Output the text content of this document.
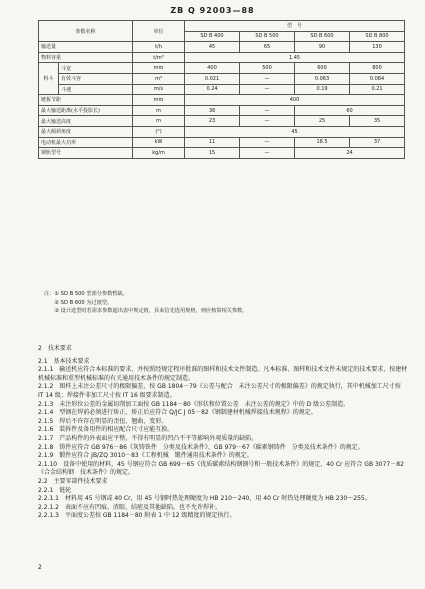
ZB Q 92003—88
参数名称		单位	型　号			
			SD B 400	SD B 500	SD B 600	SD B 800
输送量		t/h	45	65	90	130
物料容重		t/m³	1.45			
料斗	斗宽	mm	400	500	600	800
	有效斗容	m³	0.021	—	0.063	0.084
	斗速	m/s	0.24	—	0.19	0.21
链板节距		mm	400			
最大输送距离(水平投影长)		m	38	—	60	
最大输送高度		m	23	—	25	35
最大倾斜角度		(°)	45			
电动机最大功率		kW	11	—	18.5	37
钢轨型号		kg/m	15	—	24	

注：① SD B 500 型部分参数暂缺。

　　② SD B 600 为过渡型。

　　③ 设计选型时若需求参数超出表中规定值，县来信先选用规格，则应核算相关参数。

2　技术要求

2.1　基本技术要求

2.1.1　输送机应符合本标准的要求，并按照经规定程序批准的图样和技术文件制造。凡本标准、图样和技术文件未规定的技术要求，按建材机械标准和重型机械标准的有关通用技术条件的规定制造。

2.1.2　图样上未注公差尺寸的极限偏差，按 GB 1804－79《公差与配合　未注公差尺寸的极限偏差》的规定执行，其中机械加工尺寸按 IT 14 级；焊接件非加工尺寸按 IT 16 级要求制造。

2.1.3　未注形位公差的金属切削加工面按 GB 1184－80《形状和位置公差　未注公差的规定》中的 D 级公差制造。

2.1.4　型钢在焊前必须进行矫正，矫正后应符合 Q/JC J 05－82《钢制建材机械焊接技术规程》的规定。

2.1.5　焊后不许存在明显的歪扭、翘曲、变形。

2.1.6　装拆件及备用件的相应配合尺寸应能互换。

2.1.7　产品构件的外表面应平整，不得有明显的凹凸不平等影响外观质量的缺陷。

2.1.8　铸件应符合 GB 976－86《灰铸铁件　分类及技术条件》、GB 979－67《碳素钢铸件　分类及技术条件》的规定。

2.1.9　锻件应符合 JB/ZQ 3010－83《工程机械　锻件通用技术条件》的规定。

2.1.10　设备中使用的材料，45 号钢应符合 GB 699－65《优质碳素结构钢钢号和一般技术条件》的规定，40 Cr 应符合 GB 3077－82《合金结构钢　技术条件》的规定。

2.2　主要零部件技术要求

2.2.1　链轮

2.2.1.1　材料用 45 号钢或 40 Cr，用 45 号钢时热处理硬度为 HB 210～240，用 40 Cr 时热处理硬度为 HB 230～255。

2.2.1.2　表面不应有凹痕、渣眼、结疤及其他缺陷，也不允许焊补。

2.2.1.3　平面度公差按 GB 1184－80 附表 1 中 12 级精度的规定执行。

2
